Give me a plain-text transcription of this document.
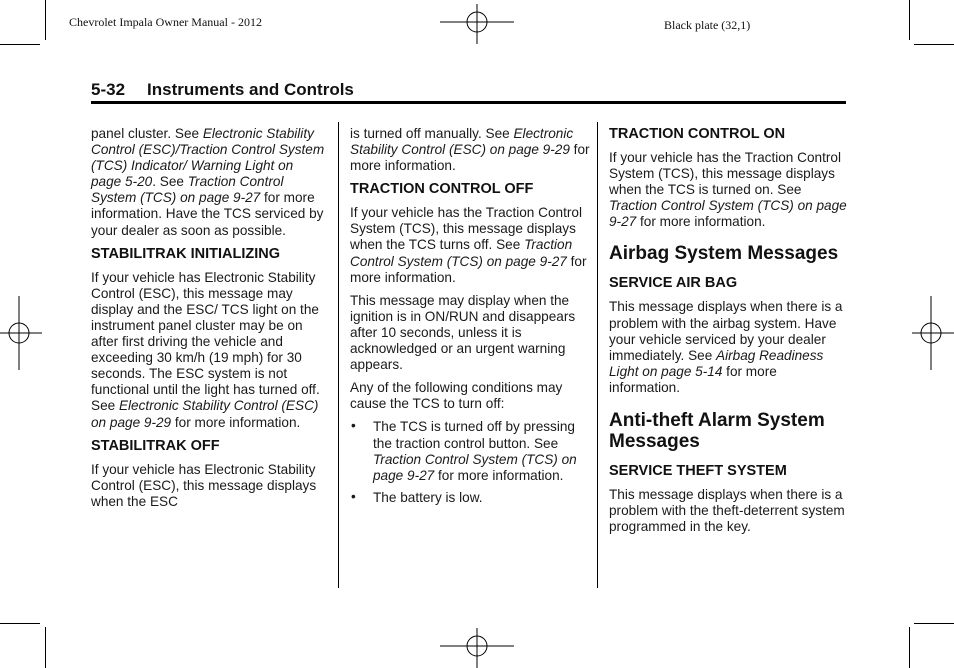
Chevrolet Impala Owner Manual - 2012	Black plate (32,1)
5-32 Instruments and Controls

panel cluster. See Electronic Stability Control (ESC)/Traction Control System (TCS) Indicator/ Warning Light on page 5-20. See Traction Control System (TCS) on page 9-27 for more information. Have the TCS serviced by your dealer as soon as possible.

STABILITRAK INITIALIZING

If your vehicle has Electronic Stability Control (ESC), this message may display and the ESC/ TCS light on the instrument panel cluster may be on after first driving the vehicle and exceeding 30 km/h (19 mph) for 30 seconds. The ESC system is not functional until the light has turned off. See Electronic Stability Control (ESC) on page 9-29 for more information.

STABILITRAK OFF

If your vehicle has Electronic Stability Control (ESC), this message displays when the ESC

is turned off manually. See Electronic Stability Control (ESC) on page 9-29 for more information.

TRACTION CONTROL OFF

If your vehicle has the Traction Control System (TCS), this message displays when the TCS turns off. See Traction Control System (TCS) on page 9-27 for more information.

This message may display when the ignition is in ON/RUN and disappears after 10 seconds, unless it is acknowledged or an urgent warning appears.

Any of the following conditions may cause the TCS to turn off:

• The TCS is turned off by pressing the traction control button. See Traction Control System (TCS) on page 9-27 for more information.
• The battery is low.
TRACTION CONTROL ON

If your vehicle has the Traction Control System (TCS), this message displays when the TCS is turned on. See Traction Control System (TCS) on page 9-27 for more information.

Airbag System Messages
SERVICE AIR BAG

This message displays when there is a problem with the airbag system. Have your vehicle serviced by your dealer immediately. See Airbag Readiness Light on page 5-14 for more information.

Anti-theft Alarm System Messages
SERVICE THEFT SYSTEM

This message displays when there is a problem with the theft-deterrent system programmed in the key.
